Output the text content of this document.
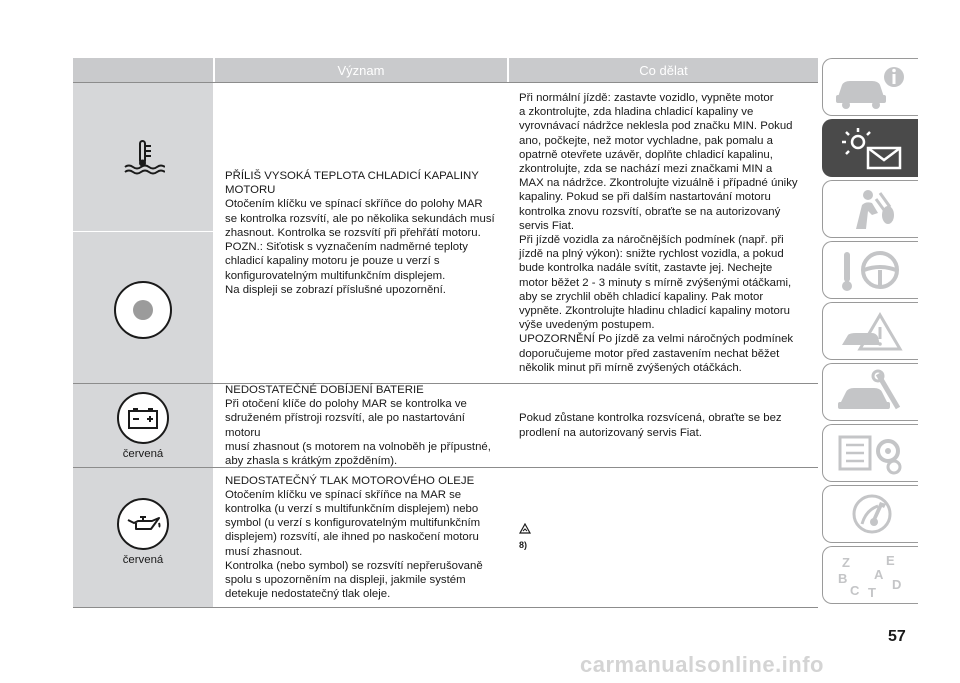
Význam	Co dělat
PŘÍLIŠ VYSOKÁ TEPLOTA CHLADICÍ KAPALINY
MOTORU
Otočením klíčku ve spínací skříňce do polohy MAR
se kontrolka rozsvítí, ale po několika sekundách musí
zhasnout. Kontrolka se rozsvítí při přehřátí motoru.
POZN.: Siťotisk s vyznačením nadměrné teploty
chladicí kapaliny motoru je pouze u verzí s
konfigurovatelným multifunkčním displejem.
Na displeji se zobrazí příslušné upozornění.
Při normální jízdě: zastavte vozidlo, vypněte motor
a zkontrolujte, zda hladina chladicí kapaliny ve
vyrovnávací nádržce neklesla pod značku MIN. Pokud
ano, počkejte, než motor vychladne, pak pomalu a
opatrně otevřete uzávěr, doplňte chladicí kapalinu,
zkontrolujte, zda se nachází mezi značkami MIN a
MAX na nádržce. Zkontrolujte vizuálně i případné úniky
kapaliny. Pokud se při dalším nastartování motoru
kontrolka znovu rozsvítí, obraťte se na autorizovaný
servis Fiat.
Při jízdě vozidla za náročnějších podmínek (např. při
jízdě na plný výkon): snižte rychlost vozidla, a pokud
bude kontrolka nadále svítit, zastavte jej. Nechejte
motor běžet 2 - 3 minuty s mírně zvýšenými otáčkami,
aby se zrychlil oběh chladicí kapaliny. Pak motor
vypněte. Zkontrolujte hladinu chladicí kapaliny motoru
výše uvedeným postupem.
UPOZORNĚNÍ Po jízdě za velmi náročných podmínek
doporučujeme motor před zastavením nechat běžet
několik minut při mírně zvýšených otáčkách.
červená
NEDOSTATEČNÉ DOBÍJENÍ BATERIE
Při otočení klíče do polohy MAR se kontrolka ve
sdruženém přístroji rozsvítí, ale po nastartování motoru
musí zhasnout (s motorem na volnoběh je přípustné,
aby zhasla s krátkým zpožděním).
Pokud zůstane kontrolka rozsvícená, obraťte se bez
prodlení na autorizovaný servis Fiat.
červená
NEDOSTATEČNÝ TLAK MOTOROVÉHO OLEJE
Otočením klíčku ve spínací skříňce na MAR se
kontrolka (u verzí s multifunkčním displejem) nebo
symbol (u verzí s konfigurovatelným multifunkčním
displejem) rozsvítí, ale ihned po naskočení motoru
musí zhasnout.
Kontrolka (nebo symbol) se rozsvítí nepřerušovaně
spolu s upozorněním na displeji, jakmile systém
detekuje nedostatečný tlak oleje.
8)
Z	E
A
B
C T
D
57
carmanualsonline.info
